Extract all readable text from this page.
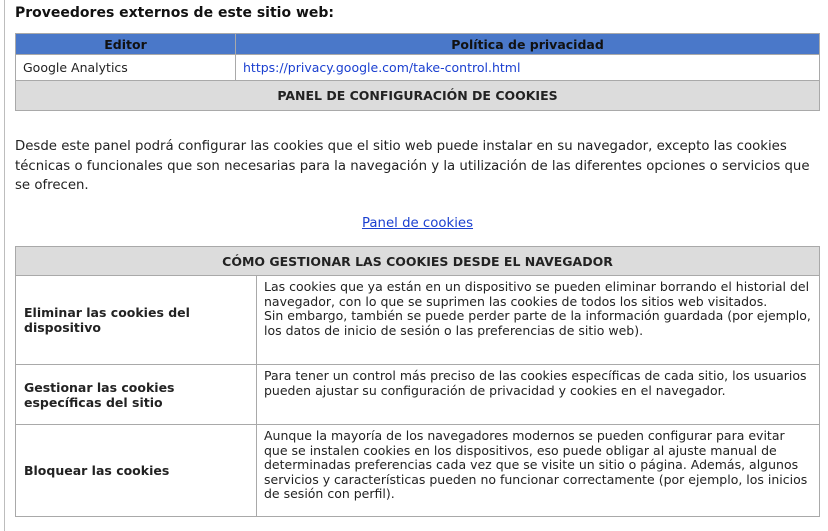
Proveedores externos de este sitio web:
Editor	Política de privacidad
Google Analytics	https://privacy.google.com/take-control.html
PANEL DE CONFIGURACIÓN DE COOKIES	

Desde este panel podrá configurar las cookies que el sitio web puede instalar en su navegador, excepto las cookies técnicas o funcionales que son necesarias para la navegación y la utilización de las diferentes opciones o servicios que se ofrecen.

Panel de cookies
CÓMO GESTIONAR LAS COOKIES DESDE EL NAVEGADOR	
Eliminar las cookies del dispositivo	Las cookies que ya están en un dispositivo se pueden eliminar borrando el historial del navegador, con lo que se suprimen las cookies de todos los sitios web visitados.
Sin embargo, también se puede perder parte de la información guardada (por ejemplo, los datos de inicio de sesión o las preferencias de sitio web).

Gestionar las cookies específicas del sitio	Para tener un control más preciso de las cookies específicas de cada sitio, los usuarios pueden ajustar su configuración de privacidad y cookies en el navegador.
Bloquear las cookies	Aunque la mayoría de los navegadores modernos se pueden configurar para evitar que se instalen cookies en los dispositivos, eso puede obligar al ajuste manual de determinadas preferencias cada vez que se visite un sitio o página. Además, algunos servicios y características pueden no funcionar correctamente (por ejemplo, los inicios de sesión con perfil).
